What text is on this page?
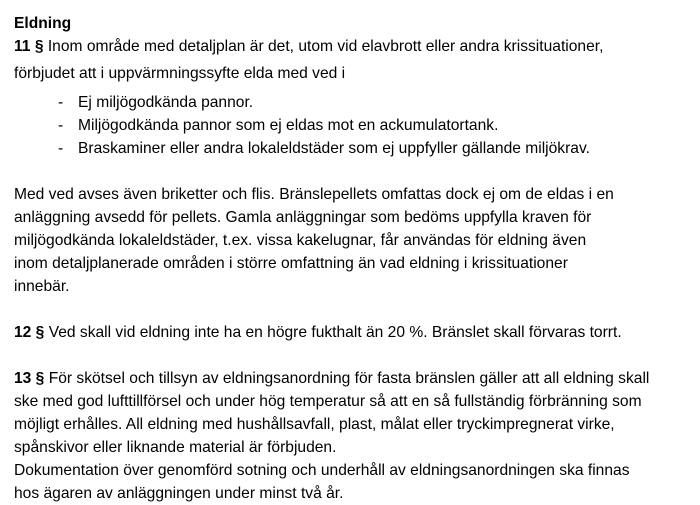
Eldning
11 § Inom område med detaljplan är det, utom vid elavbrott eller andra krissituationer,
förbjudet att i uppvärmningssyfte elda med ved i
- Ej miljögodkända pannor.
- Miljögodkända pannor som ej eldas mot en ackumulatortank.
- Braskaminer eller andra lokaleldstäder som ej uppfyller gällande miljökrav.
Med ved avses även briketter och flis. Bränslepellets omfattas dock ej om de eldas i en
anläggning avsedd för pellets. Gamla anläggningar som bedöms uppfylla kraven för
miljögodkända lokaleldstäder, t.ex. vissa kakelugnar, får användas för eldning även
inom detaljplanerade områden i större omfattning än vad eldning i krissituationer
innebär.
12 § Ved skall vid eldning inte ha en högre fukthalt än 20 %. Bränslet skall förvaras torrt.
13 § För skötsel och tillsyn av eldningsanordning för fasta bränslen gäller att all eldning skall
ske med god lufttillförsel och under hög temperatur så att en så fullständig förbränning som
möjligt erhålles. All eldning med hushållsavfall, plast, målat eller tryckimpregnerat virke,
spånskivor eller liknande material är förbjuden.
Dokumentation över genomförd sotning och underhåll av eldningsanordningen ska finnas
hos ägaren av anläggningen under minst två år.
